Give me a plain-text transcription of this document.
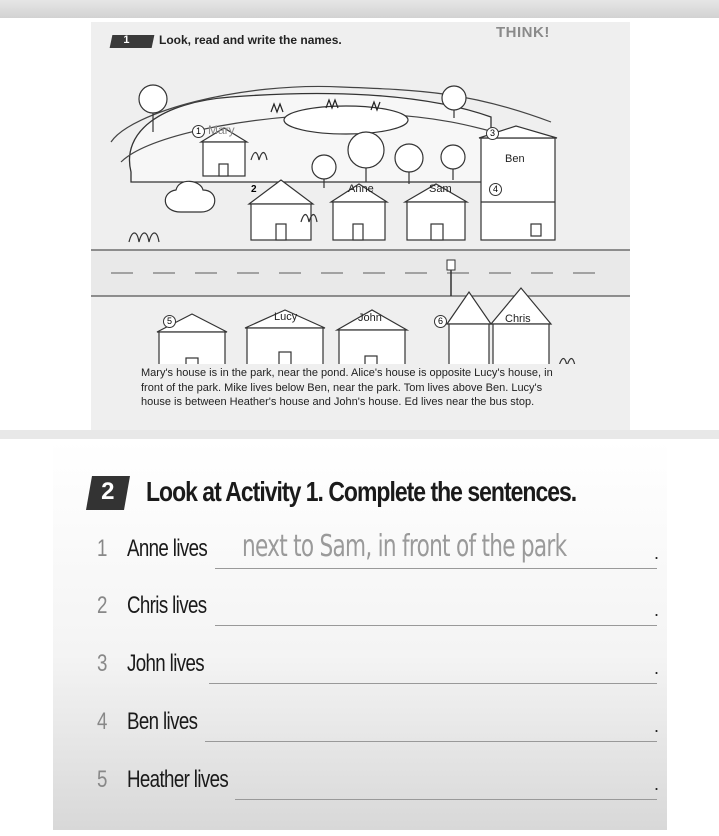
1 Look, read and write the names.	THINK!
Mary
Ben
Anne	Sam
Lucy	John	Chris
1
2
3
4
5	6
Mary's house is in the park, near the pond. Alice's house is opposite Lucy's house, in front of the park. Mike lives below Ben, near the park. Tom lives above Ben. Lucy's house is between Heather's house and John's house. Ed lives near the bus stop.
2 Look at Activity 1. Complete the sentences.
1 Anne lives	.
next to Sam, in front of the park
2 Chris lives	.
3 John lives	.
4 Ben lives	.
5 Heather lives	.
